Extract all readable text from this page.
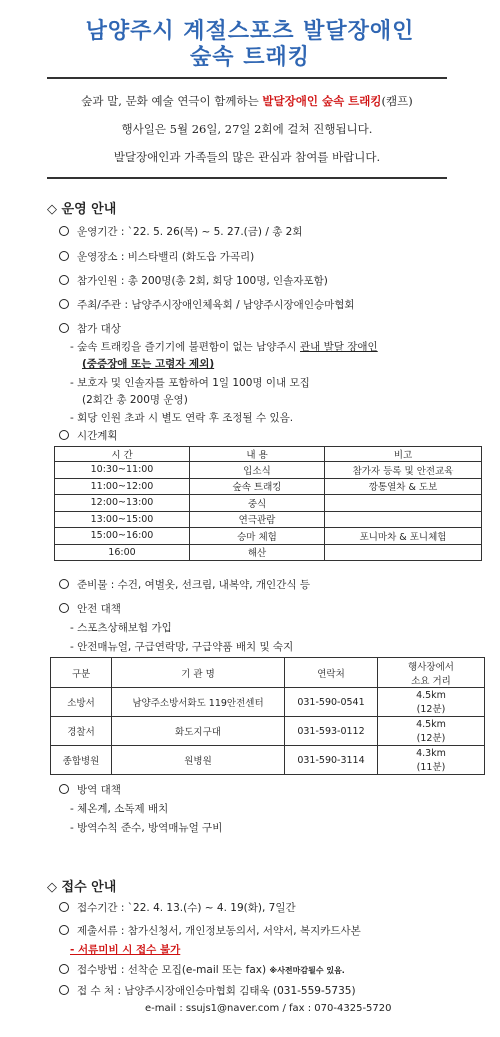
남양주시 계절스포츠 발달장애인
숲속 트래킹
숲과 말, 문화 예술 연극이 함께하는 발달장애인 숲속 트래킹(캠프)
행사일은 5월 26일, 27일 2회에 걸쳐 진행됩니다.
발달장애인과 가족들의 많은 관심과 참여를 바랍니다.
◇ 운영 안내
운영기간 : `22. 5. 26(목) ~ 5. 27.(금) / 총 2회
운영장소 : 비스타밸리 (화도읍 가곡리)
참가인원 : 총 200명(총 2회, 회당 100명, 인솔자포함)
주최/주관 : 남양주시장애인체육회 / 남양주시장애인승마협회
참가 대상
- 숲속 트래킹을 즐기기에 불편함이 없는 남양주시 관내 발달 장애인
(중증장애 또는 고령자 제외)
- 보호자 및 인솔자를 포함하여 1일 100명 이내 모집
(2회간 총 200명 운영)
- 회당 인원 초과 시 별도 연락 후 조정될 수 있음.
시간계획
시 간	내 용	비고
10:30~11:00	입소식	참가자 등록 및 안전교육
11:00~12:00	숲속 트래킹	깡통열차 & 도보
12:00~13:00	중식	
13:00~15:00	연극관람	
15:00~16:00	승마 체험	포니마차 & 포니체험
16:00	해산	
준비물 : 수건, 여벌옷, 선크림, 내복약, 개인간식 등
안전 대책
- 스포츠상해보험 가입
- 안전매뉴얼, 구급연락망, 구급약품 배치 및 숙지
구분	기 관 명	연락처	행사장에서
소요 거리
소방서	남양주소방서화도 119안전센터	031-590-0541	4.5km
(12분)
경찰서	화도지구대	031-593-0112	4.5km
(12분)
종합병원	원병원	031-590-3114	4.3km
(11분)
방역 대책
- 체온계, 소독제 배치
- 방역수칙 준수, 방역매뉴얼 구비
◇ 접수 안내
접수기간 : `22. 4. 13.(수) ~ 4. 19(화), 7일간
제출서류 : 참가신청서, 개인정보동의서, 서약서, 복지카드사본
- 서류미비 시 접수 불가
접수방법 : 선착순 모집(e-mail 또는 fax) ※사전마감될수 있음.
접 수 처 : 남양주시장애인승마협회 김태욱 (031-559-5735)
e-mail : ssujs1@naver.com / fax : 070-4325-5720
